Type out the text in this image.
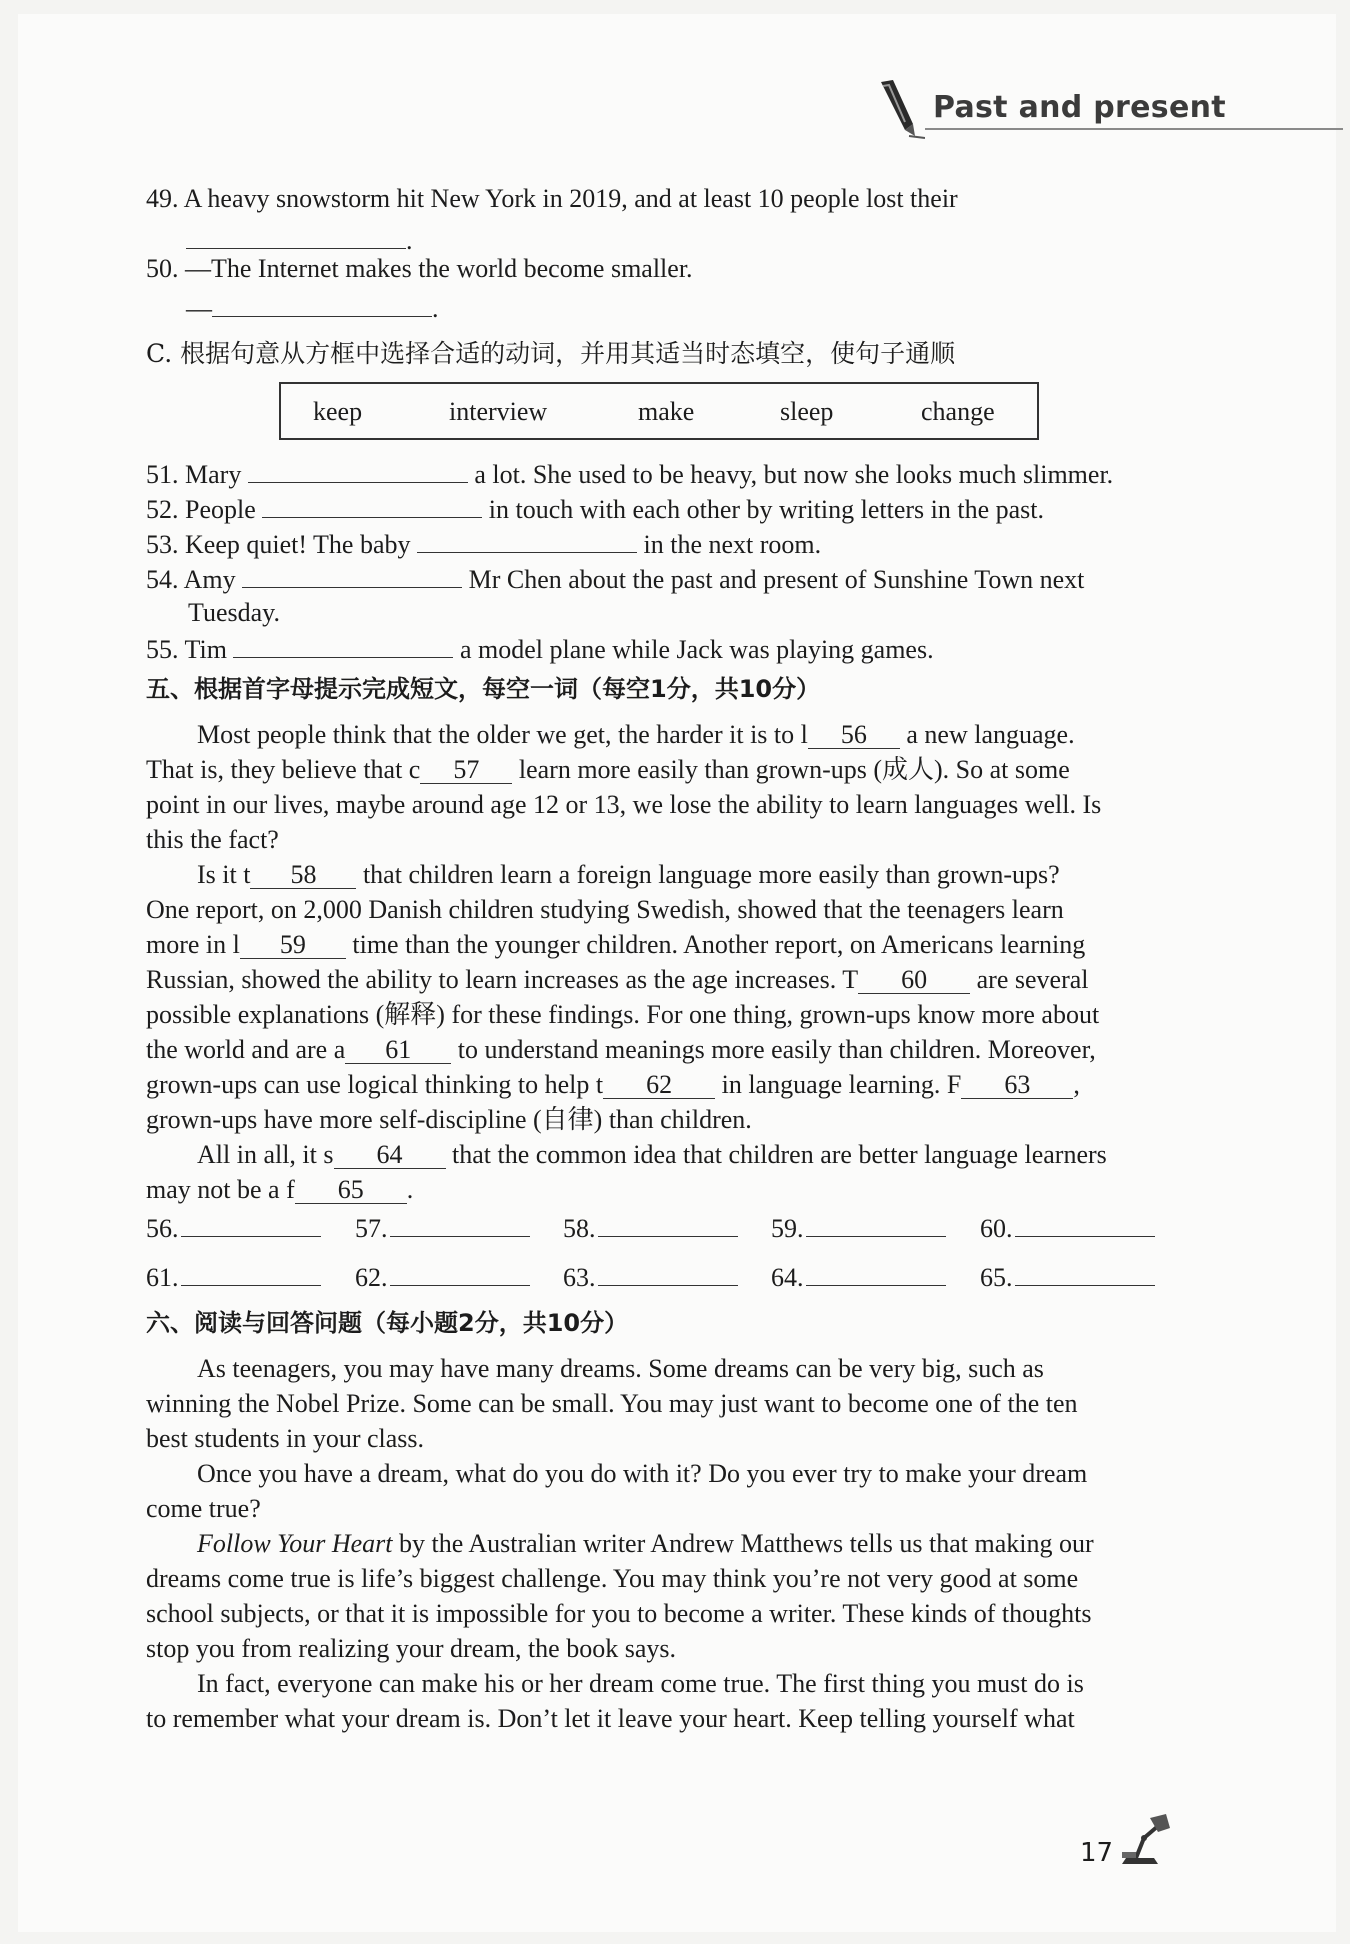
Past and present
49. A heavy snowstorm hit New York in 2019, and at least 10 people lost their
.
50. —The Internet makes the world become smaller.
—	.
C. 根据句意从方框中选择合适的动词，并用其适当时态填空，使句子通顺
keep	interview	make	sleep	change
51. Mary	a lot. She used to be heavy, but now she looks much slimmer.
52. People	in touch with each other by writing letters in the past.
53. Keep quiet! The baby	in the next room.
54. Amy	Mr Chen about the past and present of Sunshine Town next
Tuesday.
55. Tim	a model plane while Jack was playing games.
五、根据首字母提示完成短文，每空一词（每空1分，共10分）
Most people think that the older we get, the harder it is to l 56 a new language.
That is, they believe that c 57 learn more easily than grown-ups (成人). So at some
point in our lives, maybe around age 12 or 13, we lose the ability to learn languages well. Is
this the fact?
Is it t 58 that children learn a foreign language more easily than grown-ups?
One report, on 2,000 Danish children studying Swedish, showed that the teenagers learn
more in l 59 time than the younger children. Another report, on Americans learning
Russian, showed the ability to learn increases as the age increases. T 60 are several
possible explanations (解释) for these findings. For one thing, grown-ups know more about
the world and are a 61 to understand meanings more easily than children. Moreover,
grown-ups can use logical thinking to help t 62 in language learning. F 63 ,
grown-ups have more self-discipline (自律) than children.
All in all, it s 64 that the common idea that children are better language learners
may not be a f 65 .
56.	57.	58.	59.	60.
61.	62.	63.	64.	65.
六、阅读与回答问题（每小题2分，共10分）
As teenagers, you may have many dreams. Some dreams can be very big, such as
winning the Nobel Prize. Some can be small. You may just want to become one of the ten
best students in your class.
Once you have a dream, what do you do with it? Do you ever try to make your dream
come true?
Follow Your Heart by the Australian writer Andrew Matthews tells us that making our
dreams come true is life’s biggest challenge. You may think you’re not very good at some
school subjects, or that it is impossible for you to become a writer. These kinds of thoughts
stop you from realizing your dream, the book says.
In fact, everyone can make his or her dream come true. The first thing you must do is
to remember what your dream is. Don’t let it leave your heart. Keep telling yourself what
17
